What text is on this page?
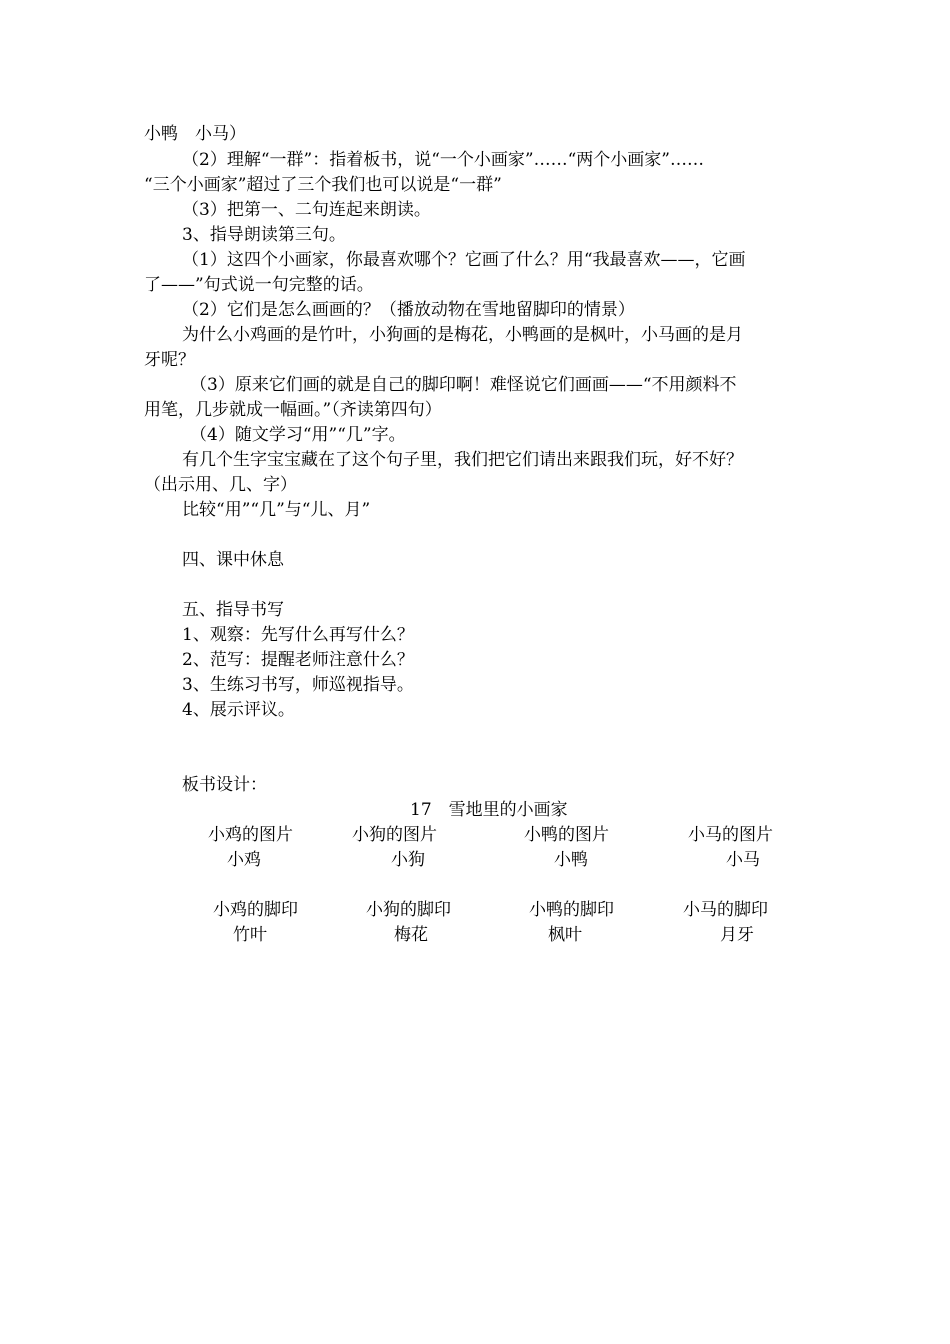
小鸭　小马）
（2）理解“一群”：指着板书，说“一个小画家”……“两个小画家”……
“三个小画家”超过了三个我们也可以说是“一群”
（3）把第一、二句连起来朗读。
3、指导朗读第三句。
（1）这四个小画家，你最喜欢哪个？它画了什么？用“我最喜欢——，它画
了——”句式说一句完整的话。
（2）它们是怎么画画的？（播放动物在雪地留脚印的情景）
为什么小鸡画的是竹叶，小狗画的是梅花，小鸭画的是枫叶，小马画的是月
牙呢？
（3）原来它们画的就是自己的脚印啊！难怪说它们画画——“不用颜料不
用笔，几步就成一幅画。”（齐读第四句）
（4）随文学习“用”“几”字。
有几个生字宝宝藏在了这个句子里，我们把它们请出来跟我们玩，好不好？
（出示用、几、字）
比较“用”“几”与“儿、月”
四、课中休息
五、指导书写
1、观察：先写什么再写什么？
2、范写：提醒老师注意什么？
3、生练习书写，师巡视指导。
4、展示评议。
板书设计：
17　雪地里的小画家
小鸡的图片	小狗的图片	小鸭的图片	小马的图片
小鸡	小狗	小鸭	小马
小鸡的脚印	小狗的脚印	小鸭的脚印	小马的脚印
竹叶	梅花	枫叶	月牙
